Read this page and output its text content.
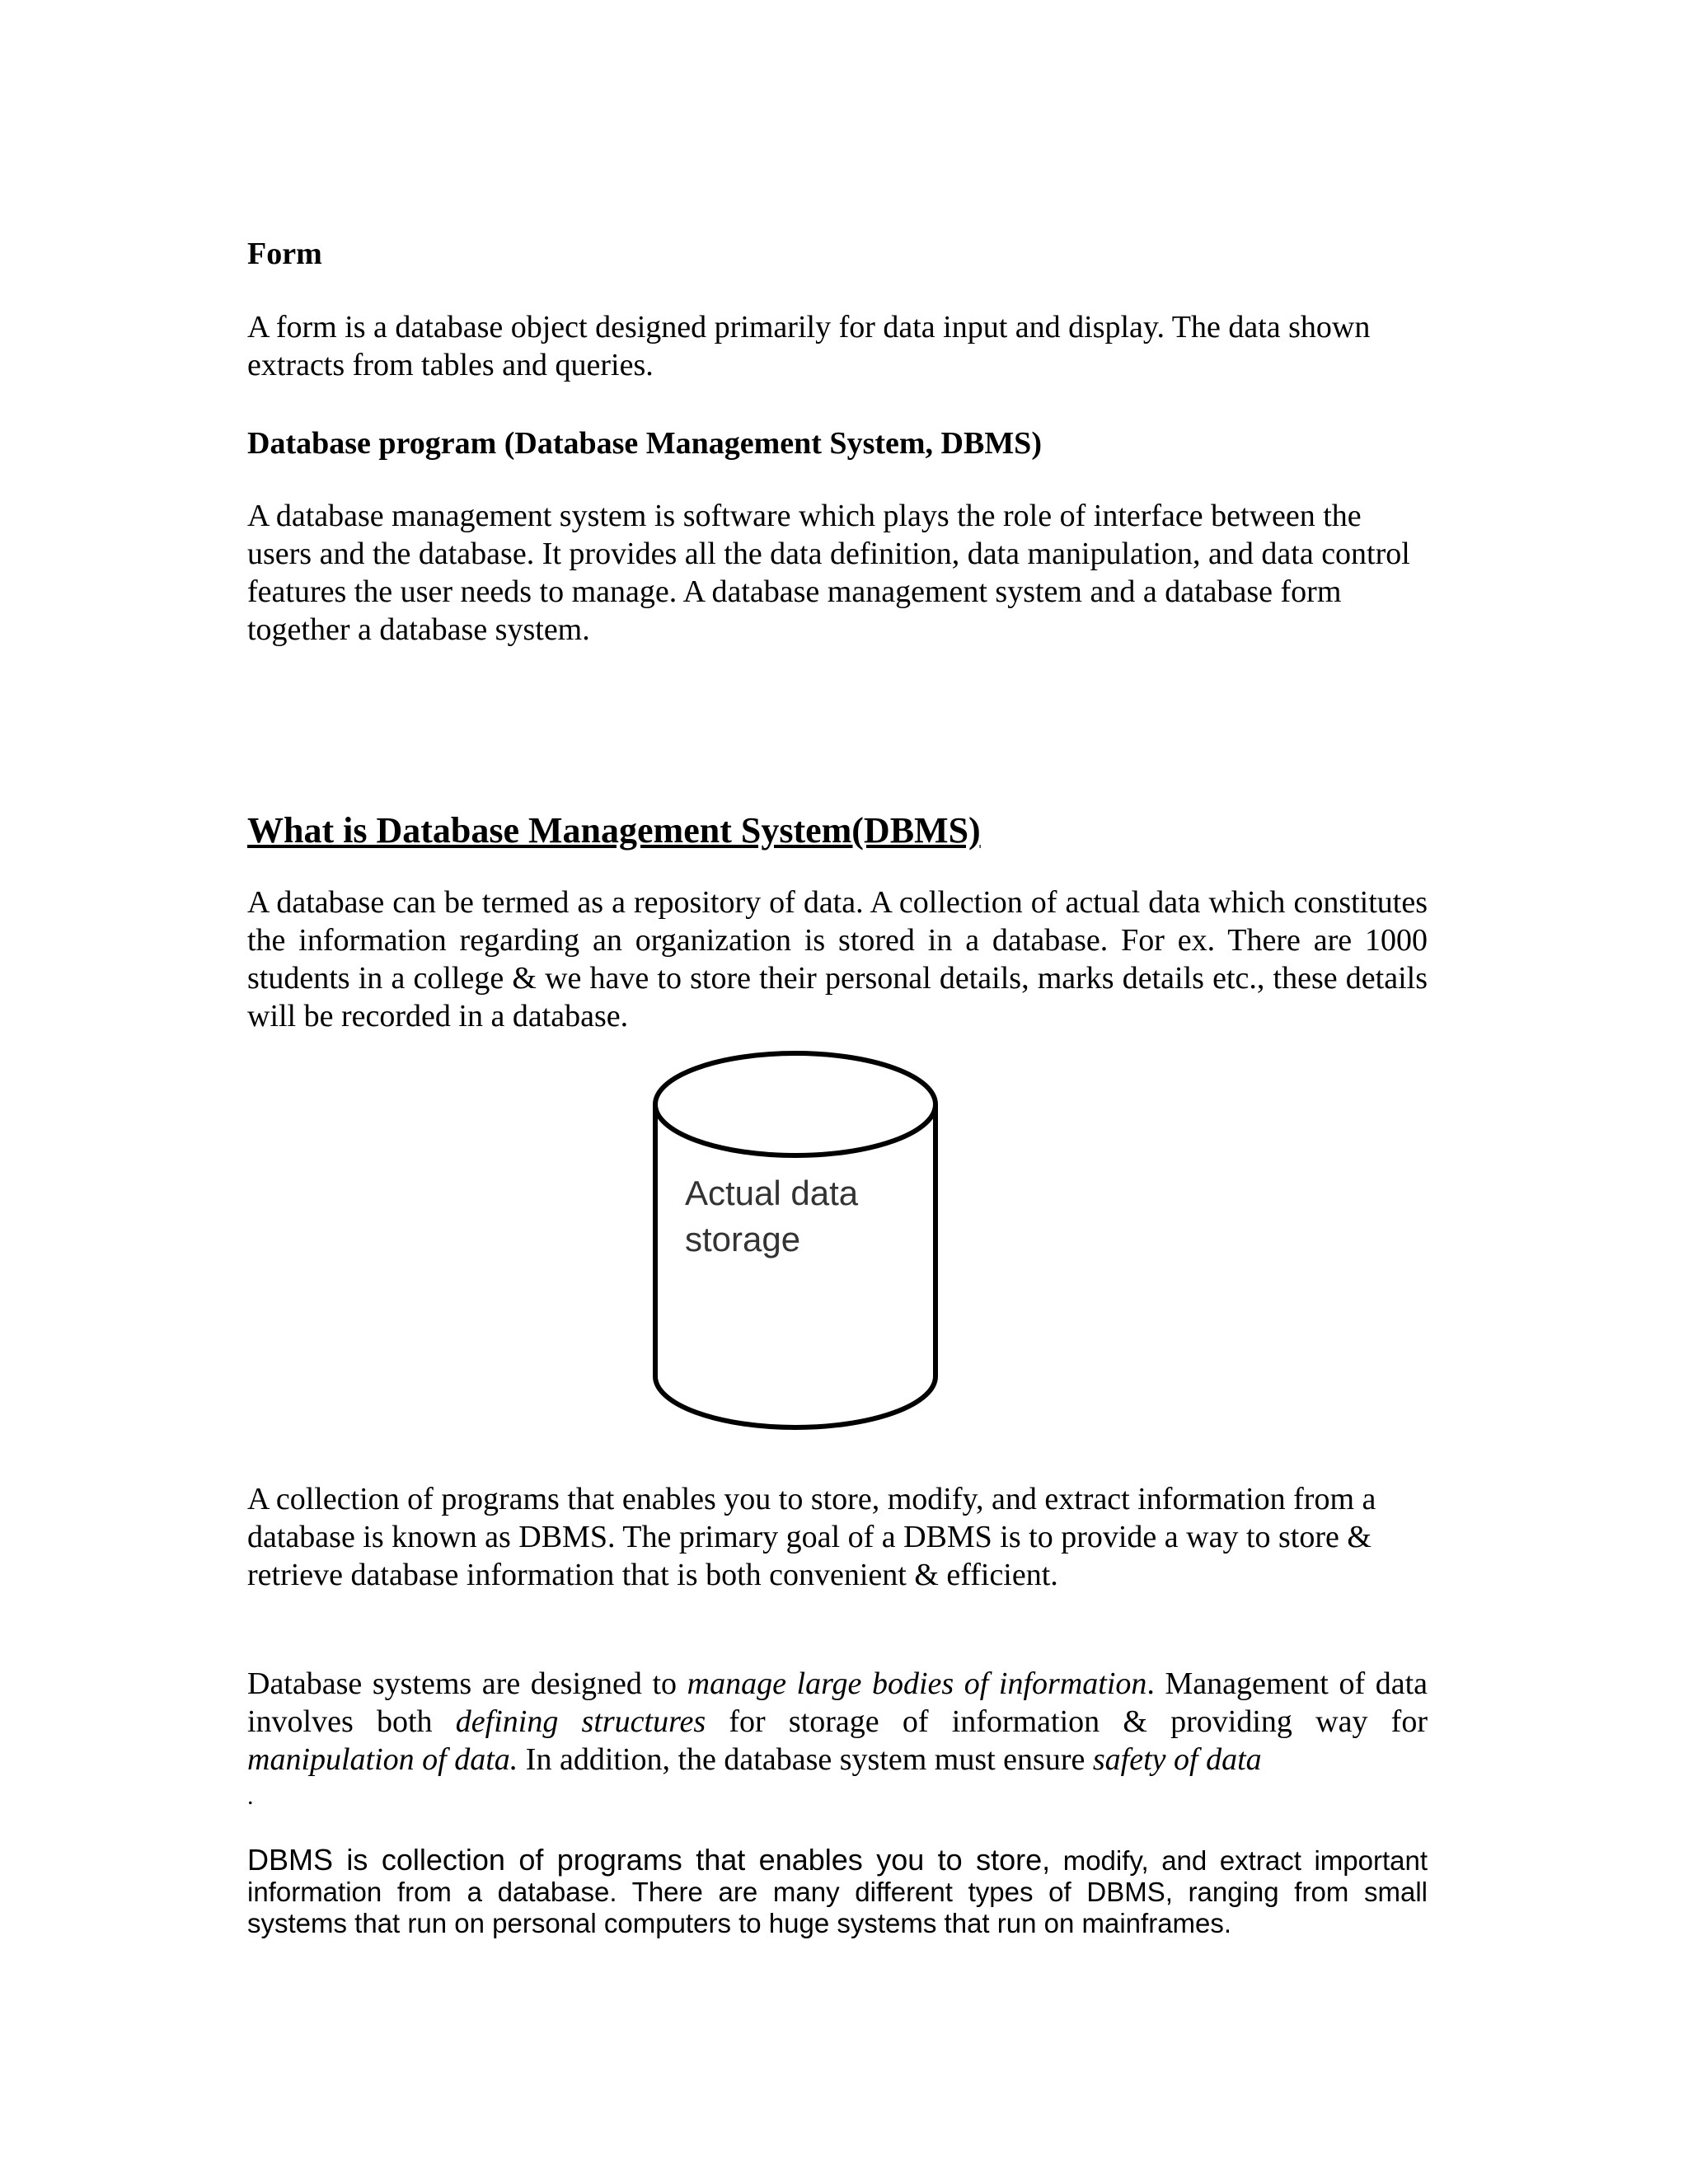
Form

A form is a database object designed primarily for data input and display. The data shown extracts from tables and queries.

Database program (Database Management System, DBMS)

A database management system is software which plays the role of interface between the users and the database. It provides all the data definition, data manipulation, and data control features the user needs to manage. A database management system and a database form together a database system.

What is Database Management System(DBMS)

A database can be termed as a repository of data. A collection of actual data which constitutes the information regarding an organization is stored in a database. For ex. There are 1000 students in a college & we have to store their personal details, marks details etc., these details will be recorded in a database.

Actual data
storage

A collection of programs that enables you to store, modify, and extract information from a database is known as DBMS. The primary goal of a DBMS is to provide a way to store & retrieve database information that is both convenient & efficient.

Database systems are designed to manage large bodies of information. Management of data involves both defining structures for storage of information & providing way for manipulation of data. In addition, the database system must ensure safety of data

.

DBMS is collection of programs that enables you to store, modify, and extract important information from a database. There are many different types of DBMS, ranging from small systems that run on personal computers to huge systems that run on mainframes.
